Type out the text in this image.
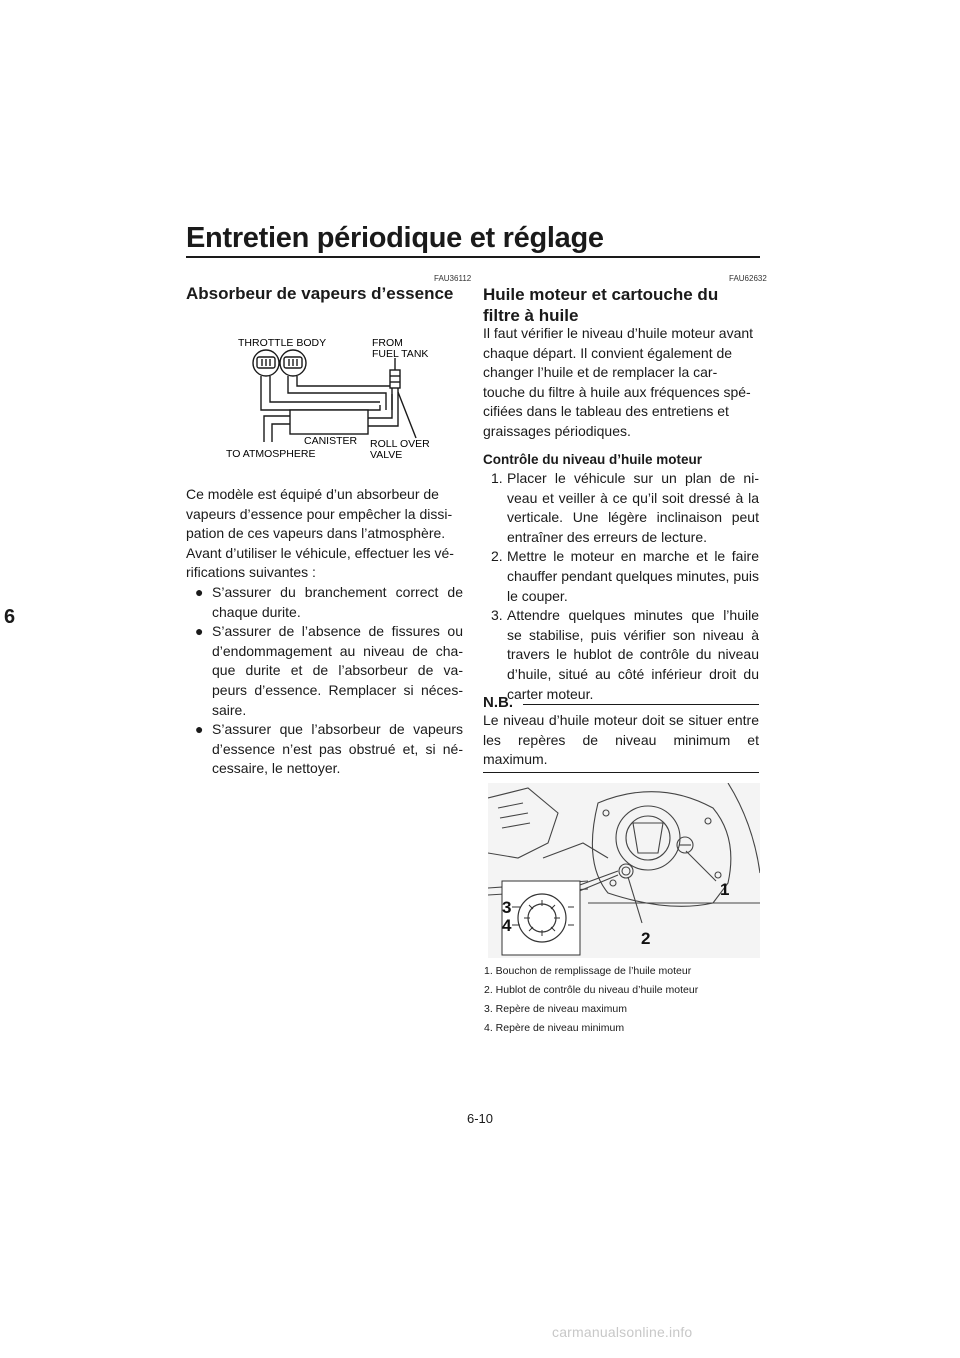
Entretien périodique et réglage
6
FAU36112
Absorbeur de vapeurs d’essence
THROTTLE BODY	FROM
FUEL TANK
CANISTER
TO ATMOSPHERE
ROLL OVER
VALVE
Ce modèle est équipé d’un absorbeur de
vapeurs d’essence pour empêcher la dissi-
pation de ces vapeurs dans l’atmosphère.
Avant d’utiliser le véhicule, effectuer les vé-
rifications suivantes :
● S’assurer du branchement correct de chaque durite.
● S’assurer de l’absence de fissures ou d’endommagement au niveau de cha- que durite et de l’absorbeur de va- peurs d’essence. Remplacer si néces- saire.
● S’assurer que l’absorbeur de vapeurs d’essence n’est pas obstrué et, si né- cessaire, le nettoyer.
FAU62632
Huile moteur et cartouche du
filtre à huile
Il faut vérifier le niveau d’huile moteur avant
chaque départ. Il convient également de
changer l’huile et de remplacer la car-
touche du filtre à huile aux fréquences spé-
cifiées dans le tableau des entretiens et
graissages périodiques.
Contrôle du niveau d’huile moteur
1. Placer le véhicule sur un plan de ni- veau et veiller à ce qu’il soit dressé à la verticale. Une légère inclinaison peut entraîner des erreurs de lecture.
2. Mettre le moteur en marche et le faire chauffer pendant quelques minutes, puis le couper.
3. Attendre quelques minutes que l’huile se stabilise, puis vérifier son niveau à travers le hublot de contrôle du niveau d’huile, situé au côté inférieur droit du carter moteur.
N.B.
Le niveau d’huile moteur doit se situer entre les repères de niveau minimum et maximum.
1
2
3
4
1. Bouchon de remplissage de l’huile moteur
2. Hublot de contrôle du niveau d’huile moteur
3. Repère de niveau maximum
4. Repère de niveau minimum
6-10
carmanualsonline.info
